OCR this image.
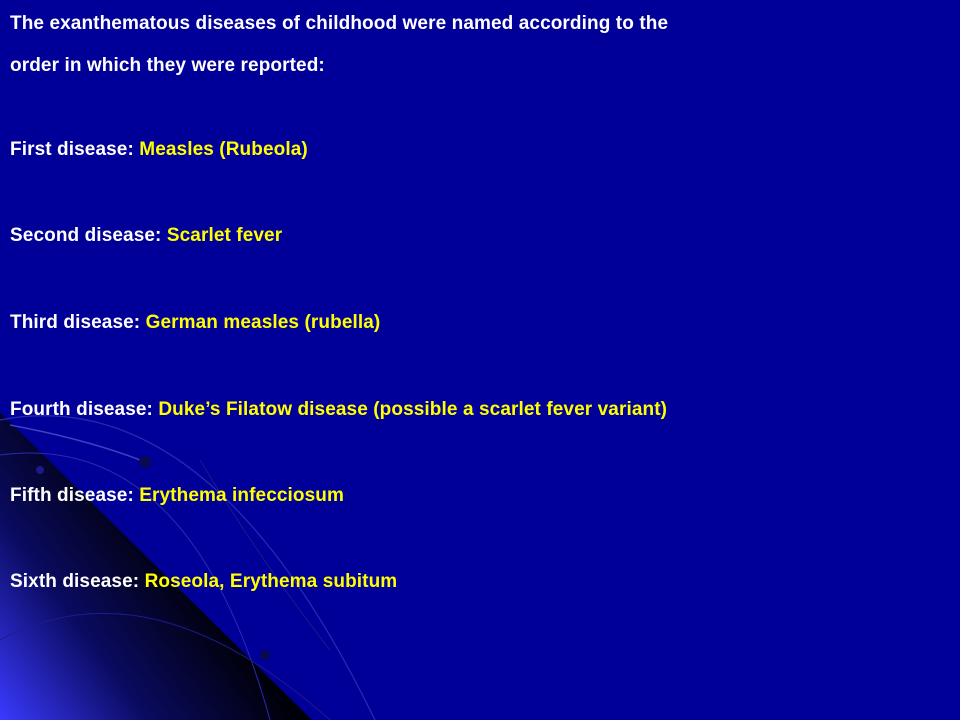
The exanthematous diseases of childhood were named according to the

order in which they were reported:

First disease: Measles (Rubeola)

Second disease: Scarlet fever

Third disease: German measles (rubella)

Fourth disease: Duke’s Filatow disease (possible a scarlet fever variant)

Fifth disease: Erythema infecciosum

Sixth disease: Roseola, Erythema subitum
